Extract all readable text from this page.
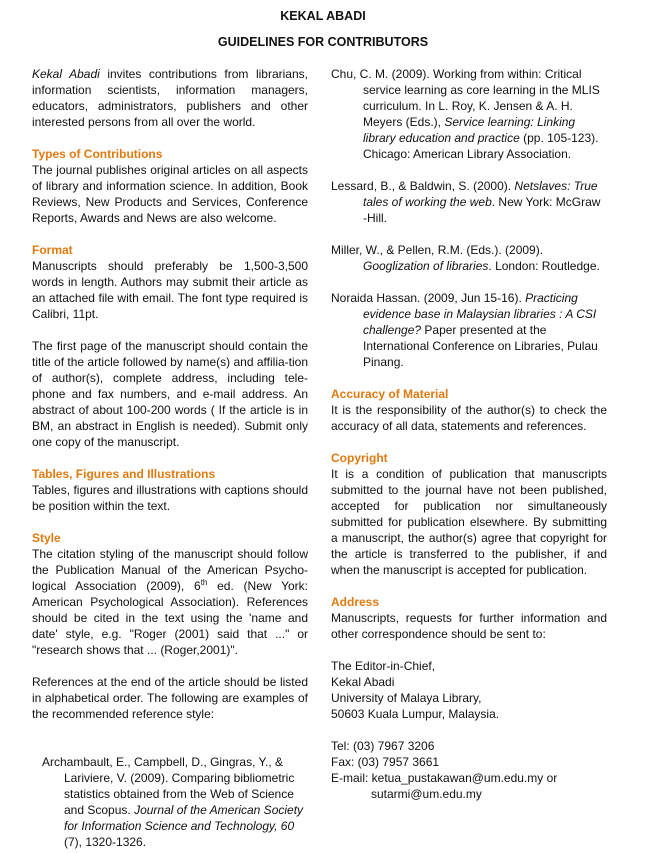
KEKAL ABADI
GUIDELINES FOR CONTRIBUTORS

Kekal Abadi invites contributions from librarians, information scientists, information managers, educators, administrators, publishers and other interested persons from all over the world.

Types of Contributions

The journal publishes original articles on all aspects of library and information science. In addition, Book Reviews, New Products and Services, Conference Reports, Awards and News are also welcome.

Format

Manuscripts should preferably be 1,500-3,500 words in length. Authors may submit their article as an attached file with email. The font type required is Calibri, 11pt.

The first page of the manuscript should contain the title of the article followed by name(s) and affilia-tion of author(s), complete address, including tele-phone and fax numbers, and e-mail address. An abstract of about 100-200 words ( If the article is in BM, an abstract in English is needed). Submit only one copy of the manuscript.

Tables, Figures and Illustrations

Tables, figures and illustrations with captions should be position within the text.

Style

The citation styling of the manuscript should follow the Publication Manual of the American Psycho-logical Association (2009), 6th ed. (New York: American Psychological Association). References should be cited in the text using the 'name and date' style, e.g. "Roger (2001) said that ..." or "research shows that ... (Roger,2001)".

References at the end of the article should be listed in alphabetical order. The following are examples of the recommended reference style:

Archambault, E., Campbell, D., Gingras, Y., & Lariviere, V. (2009). Comparing bibliometric statistics obtained from the Web of Science and Scopus. Journal of the American Society for Information Science and Technology, 60 (7), 1320-1326.

Chu, C. M. (2009). Working from within: Critical service learning as core learning in the MLIS curriculum. In L. Roy, K. Jensen & A. H. Meyers (Eds.), Service learning: Linking library education and practice (pp. 105-123). Chicago: American Library Association.

Lessard, B., & Baldwin, S. (2000). Netslaves: True tales of working the web. New York: McGraw -Hill.

Miller, W., & Pellen, R.M. (Eds.). (2009). Googlization of libraries. London: Routledge.

Noraida Hassan. (2009, Jun 15-16). Practicing evidence base in Malaysian libraries : A CSI challenge? Paper presented at the International Conference on Libraries, Pulau Pinang.

Accuracy of Material

It is the responsibility of the author(s) to check the accuracy of all data, statements and references.

Copyright

It is a condition of publication that manuscripts submitted to the journal have not been published, accepted for publication nor simultaneously submitted for publication elsewhere. By submitting a manuscript, the author(s) agree that copyright for the article is transferred to the publisher, if and when the manuscript is accepted for publication.

Address

Manuscripts, requests for further information and other correspondence should be sent to:

The Editor-in-Chief,

Kekal Abadi

University of Malaya Library,

50603 Kuala Lumpur, Malaysia.

Tel: (03) 7967 3206

Fax: (03) 7957 3661

E-mail: ketua_pustakawan@um.edu.my or

sutarmi@um.edu.my
